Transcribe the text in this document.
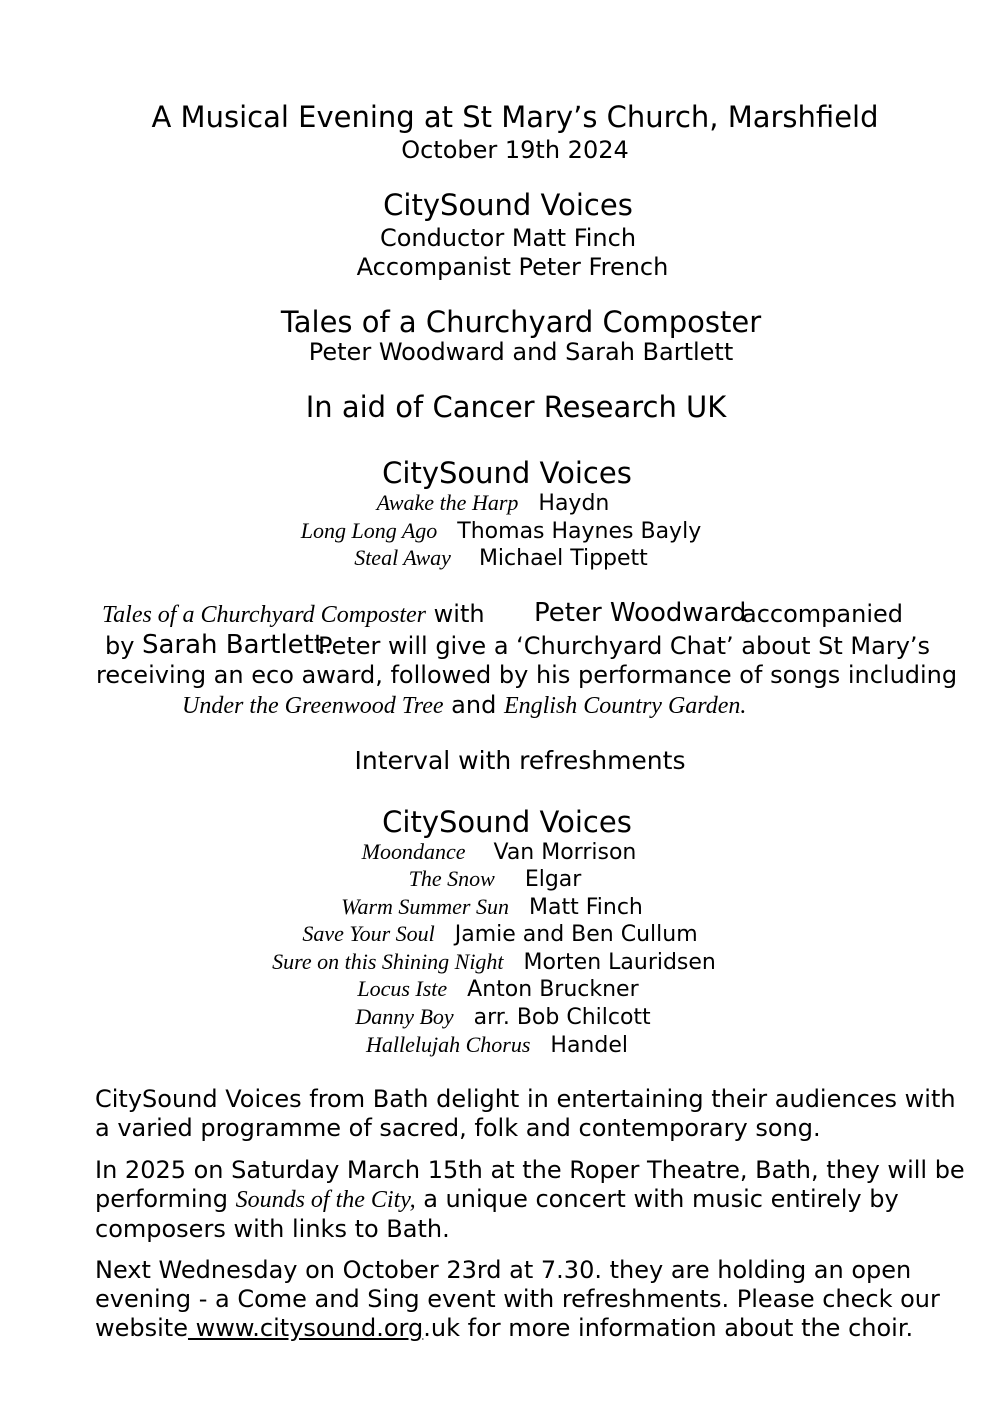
A Musical Evening at St Mary’s Church, Marshfield
October 19th 2024
CitySound Voices
Conductor Matt Finch
Accompanist Peter French
Tales of a Churchyard Composter
Peter Woodward and Sarah Bartlett
In aid of Cancer Research UK
CitySound Voices
Awake the Harp Haydn
Long Long Ago Thomas Haynes Bayly
Steal Away Michael Tippett
Tales of a Churchyard Composter with Peter Woodward
accompanied
by Sarah Bartlett.
Peter will give a ‘Churchyard Chat’ about St Mary’s
receiving an eco award, followed by his performance of songs including
Under the Greenwood Tree and English Country Garden.
Interval with refreshments
CitySound Voices
Moondance Van Morrison
The Snow Elgar
Warm Summer Sun Matt Finch
Save Your Soul Jamie and Ben Cullum
Sure on this Shining Night Morten Lauridsen
Locus Iste Anton Bruckner
Danny Boy arr. Bob Chilcott
Hallelujah Chorus Handel
CitySound Voices from Bath delight in entertaining their audiences with
a varied programme of sacred, folk and contemporary song.
In 2025 on Saturday March 15th at the Roper Theatre, Bath, they will be
performing Sounds of the City, a unique concert with music entirely by
composers with links to Bath.
Next Wednesday on October 23rd at 7.30. they are holding an open
evening - a Come and Sing event with refreshments. Please check our
website www.citysound.org.uk for more information about the choir.
